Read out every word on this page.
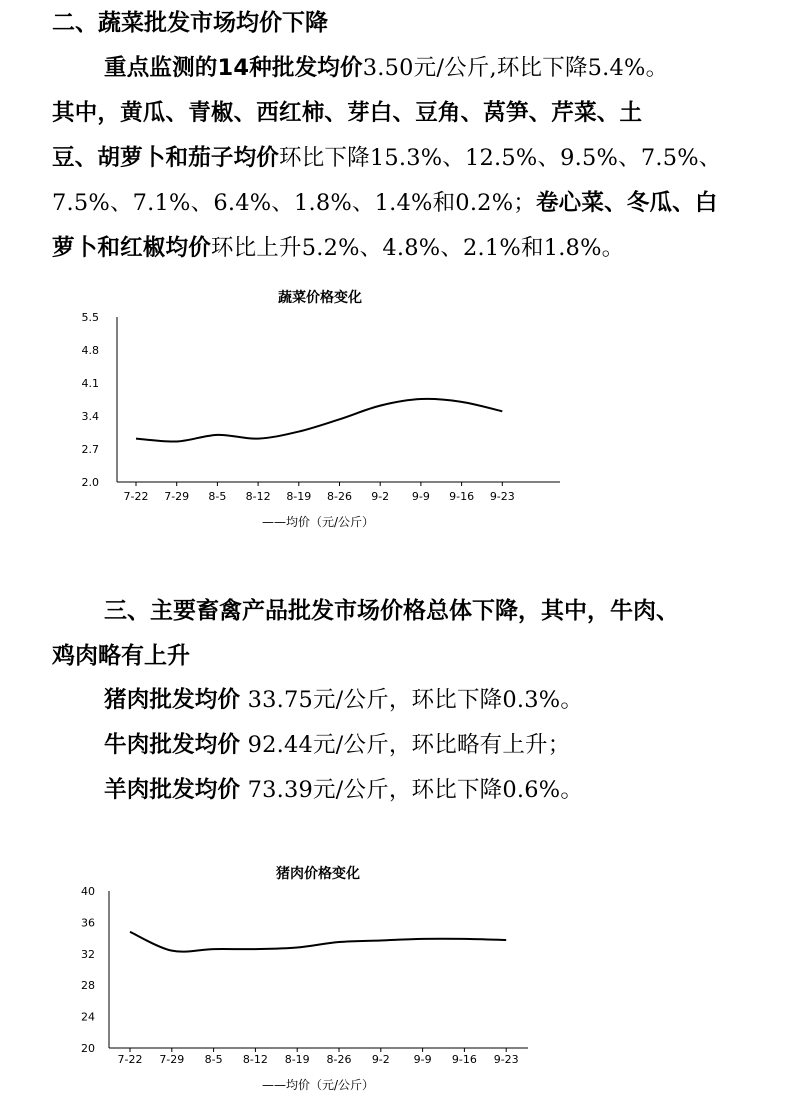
二、蔬菜批发市场均价下降
重点监测的14种批发均价3.50元/公斤,环比下降5.4%。
其中，黄瓜、青椒、西红柿、芽白、豆角、莴笋、芹菜、土
豆、胡萝卜和茄子均价环比下降15.3%、12.5%、9.5%、7.5%、
7.5%、7.1%、6.4%、1.8%、1.4%和0.2%；卷心菜、冬瓜、白
萝卜和红椒均价环比上升5.2%、4.8%、2.1%和1.8%。
蔬菜价格变化
5.5
4.8
4.1
3.4
2.7
2.0
7-22 7-29 8-5 8-12 8-19 8-26 9-2 9-9 9-16 9-23
——均价（元/公斤）
三、主要畜禽产品批发市场价格总体下降，其中，牛肉、
鸡肉略有上升
猪肉批发均价 33.75元/公斤，环比下降0.3%。
牛肉批发均价 92.44元/公斤，环比略有上升；
羊肉批发均价 73.39元/公斤，环比下降0.6%。
猪肉价格变化
40
36
32
28
24
20
7-22 7-29 8-5 8-12 8-19 8-26 9-2 9-9 9-16 9-23
——均价（元/公斤）
